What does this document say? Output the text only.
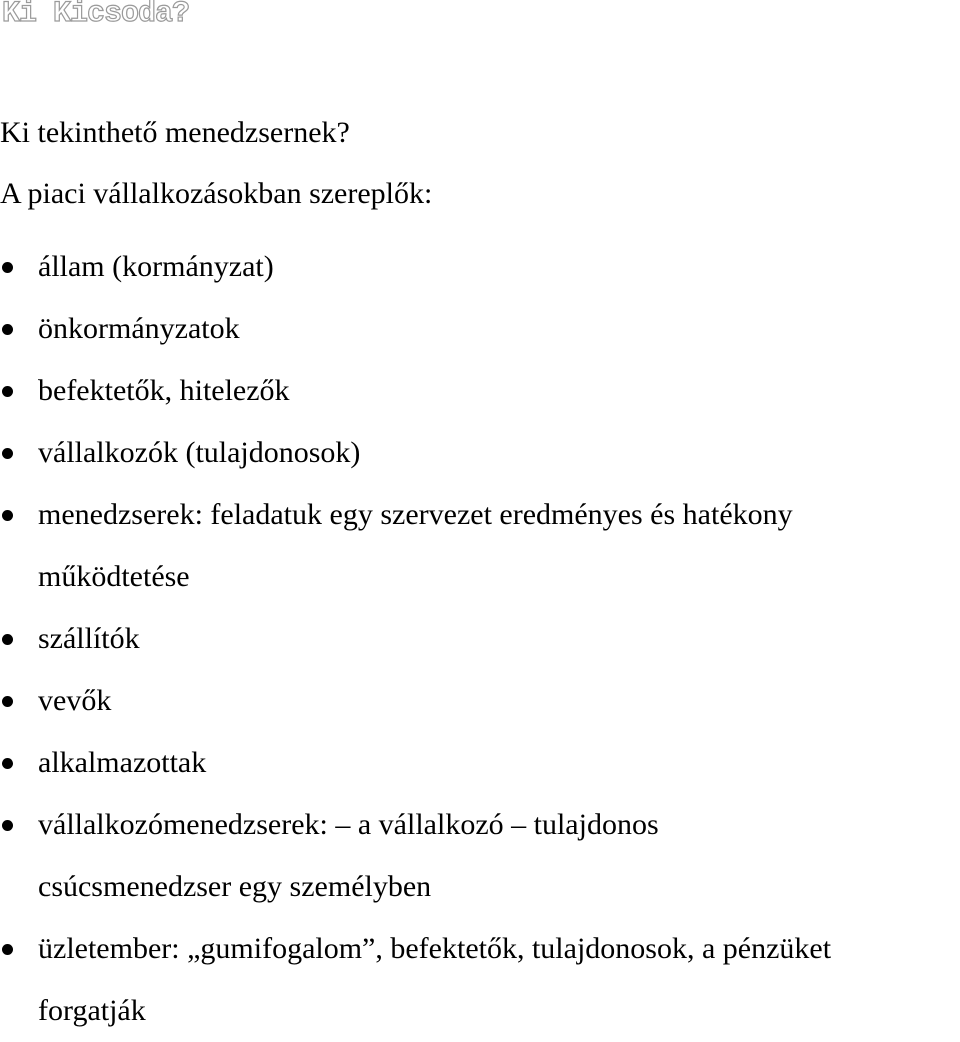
Ki Kicsoda?
Ki tekinthető menedzsernek?
A piaci vállalkozásokban szereplők:
állam (kormányzat)
önkormányzatok
befektetők, hitelezők
vállalkozók (tulajdonosok)
menedzserek: feladatuk egy szervezet eredményes és hatékony
működtetése
szállítók
vevők
alkalmazottak
vállalkozómenedzserek: – a vállalkozó – tulajdonos
csúcsmenedzser egy személyben
üzletember: „gumifogalom”, befektetők, tulajdonosok, a pénzüket
forgatják
